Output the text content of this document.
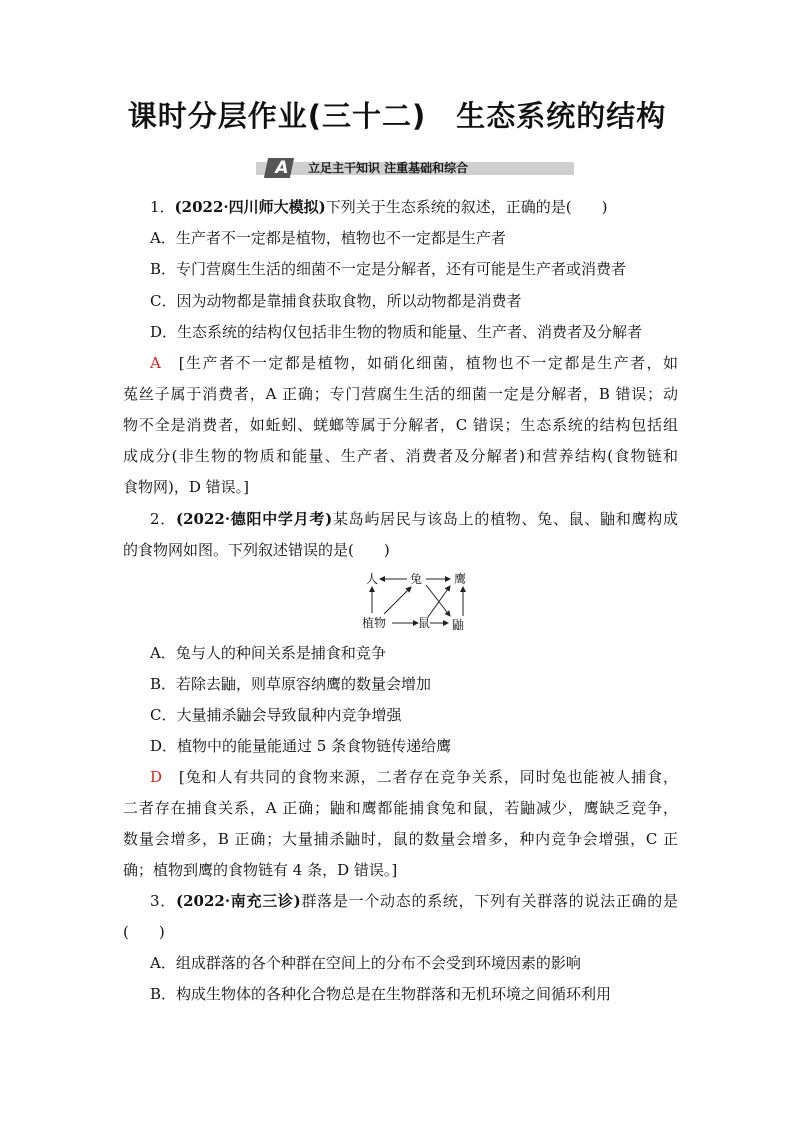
课时分层作业(三十二) 生态系统的结构
A 立足主干知识 注重基础和综合
1．(2022·四川师大模拟)下列关于生态系统的叙述，正确的是(　　)
A．生产者不一定都是植物，植物也不一定都是生产者
B．专门营腐生生活的细菌不一定是分解者，还有可能是生产者或消费者
C．因为动物都是靠捕食获取食物，所以动物都是消费者
D．生态系统的结构仅包括非生物的物质和能量、生产者、消费者及分解者
A　 [生产者不一定都是植物，如硝化细菌，植物也不一定都是生产者，如
菟丝子属于消费者，A 正确；专门营腐生生活的细菌一定是分解者，B 错误；动
物不全是消费者，如蚯蚓、蜣螂等属于分解者，C 错误；生态系统的结构包括组
成成分(非生物的物质和能量、生产者、消费者及分解者)和营养结构(食物链和
食物网)，D 错误。]
2．(2022·德阳中学月考)某岛屿居民与该岛上的植物、兔、鼠、鼬和鹰构成
的食物网如图。下列叙述错误的是(　　)
人	兔	鹰
植物	鼠 鼬
A．兔与人的种间关系是捕食和竞争
B．若除去鼬，则草原容纳鹰的数量会增加
C．大量捕杀鼬会导致鼠种内竞争增强
D．植物中的能量能通过 5 条食物链传递给鹰
D　 [兔和人有共同的食物来源，二者存在竞争关系，同时兔也能被人捕食，
二者存在捕食关系，A 正确；鼬和鹰都能捕食兔和鼠，若鼬减少，鹰缺乏竞争，
数量会增多，B 正确；大量捕杀鼬时，鼠的数量会增多，种内竞争会增强，C 正
确；植物到鹰的食物链有 4 条，D 错误。]
3．(2022·南充三诊)群落是一个动态的系统，下列有关群落的说法正确的是
(　　)
A．组成群落的各个种群在空间上的分布不会受到环境因素的影响
B．构成生物体的各种化合物总是在生物群落和无机环境之间循环利用
